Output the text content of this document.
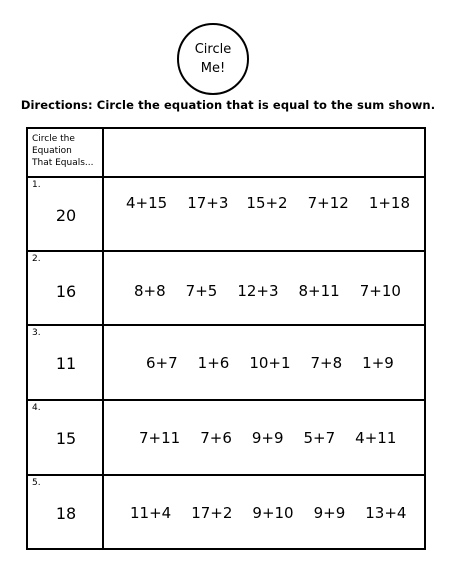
Circle
Me!
Directions: Circle the equation that is equal to the sum shown.
Circle the
Equation
That Equals...	

1.
20	4+15 17+3 15+2 7+12 1+18

2.
16	8+8 7+5 12+3 8+11 7+10

3.
11	6+7 1+6 10+1 7+8 1+9

4.
15	7+11 7+6 9+9 5+7 4+11

5.
18	11+4 17+2 9+10 9+9 13+4
